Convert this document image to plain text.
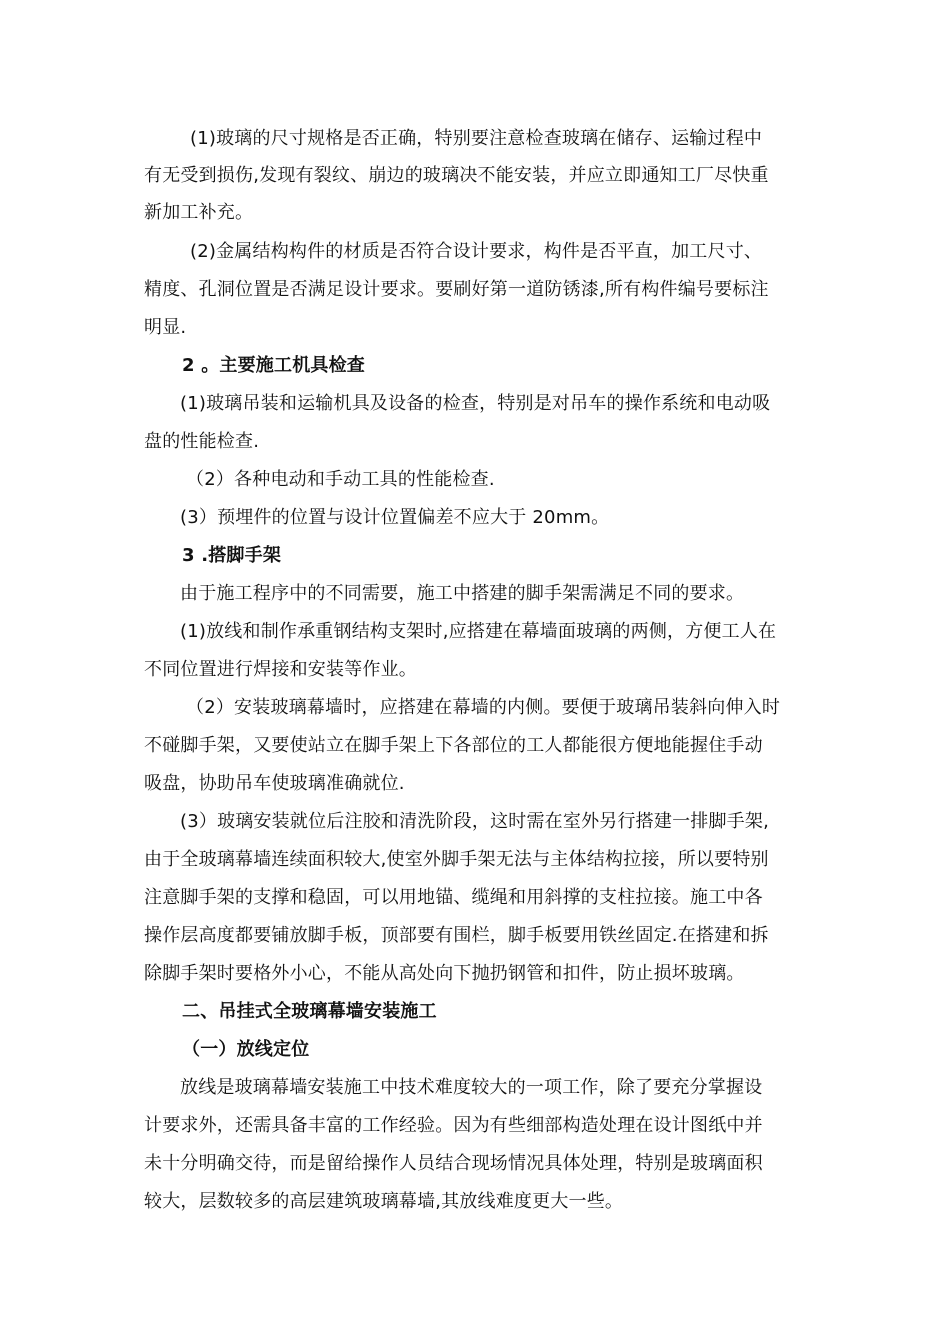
(1)玻璃的尺寸规格是否正确，特别要注意检查玻璃在储存、运输过程中
有无受到损伤,发现有裂纹、崩边的玻璃决不能安装，并应立即通知工厂尽快重
新加工补充。
(2)金属结构构件的材质是否符合设计要求，构件是否平直，加工尺寸、
精度、孔洞位置是否满足设计要求。要刷好第一道防锈漆,所有构件编号要标注
明显.
2 。主要施工机具检查
(1)玻璃吊装和运输机具及设备的检查，特别是对吊车的操作系统和电动吸
盘的性能检查.
（2）各种电动和手动工具的性能检查.
(3）预埋件的位置与设计位置偏差不应大于 20mm。
3 .搭脚手架
由于施工程序中的不同需要，施工中搭建的脚手架需满足不同的要求。
(1)放线和制作承重钢结构支架时,应搭建在幕墙面玻璃的两侧，方便工人在
不同位置进行焊接和安装等作业。
（2）安装玻璃幕墙时，应搭建在幕墙的内侧。要便于玻璃吊装斜向伸入时
不碰脚手架，又要使站立在脚手架上下各部位的工人都能很方便地能握住手动
吸盘，协助吊车使玻璃准确就位.
(3）玻璃安装就位后注胶和清洗阶段，这时需在室外另行搭建一排脚手架,
由于全玻璃幕墙连续面积较大,使室外脚手架无法与主体结构拉接，所以要特别
注意脚手架的支撑和稳固，可以用地锚、缆绳和用斜撑的支柱拉接。施工中各
操作层高度都要铺放脚手板，顶部要有围栏，脚手板要用铁丝固定.在搭建和拆
除脚手架时要格外小心，不能从高处向下抛扔钢管和扣件，防止损坏玻璃。
二、吊挂式全玻璃幕墙安装施工
（一）放线定位
放线是玻璃幕墙安装施工中技术难度较大的一项工作，除了要充分掌握设
计要求外，还需具备丰富的工作经验。因为有些细部构造处理在设计图纸中并
未十分明确交待，而是留给操作人员结合现场情况具体处理，特别是玻璃面积
较大，层数较多的高层建筑玻璃幕墙,其放线难度更大一些。
